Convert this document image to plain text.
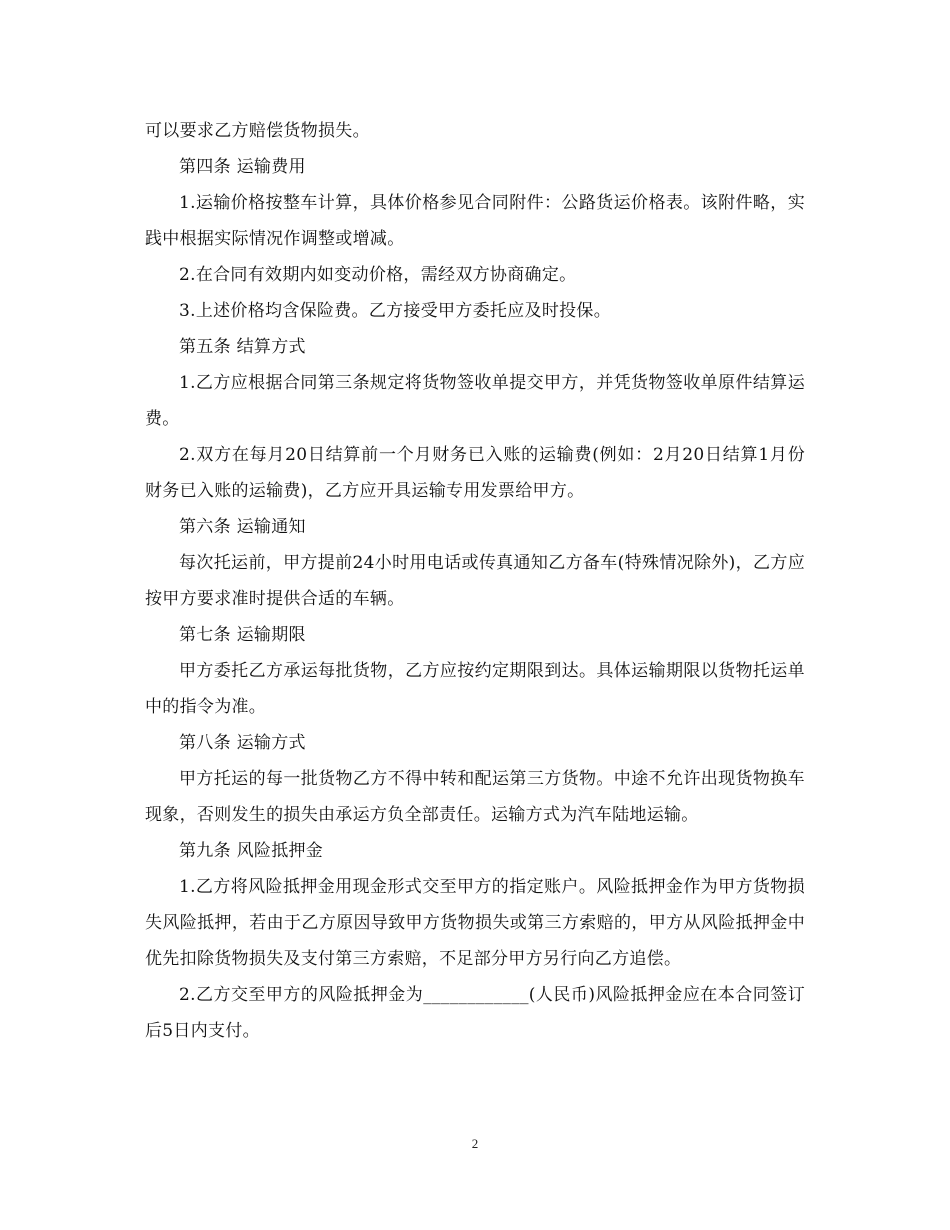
可以要求乙方赔偿货物损失。

第四条 运输费用

1.运输价格按整车计算，具体价格参见合同附件：公路货运价格表。该附件略，实践中根据实际情况作调整或增减。

2.在合同有效期内如变动价格，需经双方协商确定。

3.上述价格均含保险费。乙方接受甲方委托应及时投保。

第五条 结算方式

1.乙方应根据合同第三条规定将货物签收单提交甲方，并凭货物签收单原件结算运费。

2.双方在每月20日结算前一个月财务已入账的运输费(例如：2月20日结算1月份财务已入账的运输费)，乙方应开具运输专用发票给甲方。

第六条 运输通知

每次托运前，甲方提前24小时用电话或传真通知乙方备车(特殊情况除外)，乙方应按甲方要求准时提供合适的车辆。

第七条 运输期限

甲方委托乙方承运每批货物，乙方应按约定期限到达。具体运输期限以货物托运单中的指令为准。

第八条 运输方式

甲方托运的每一批货物乙方不得中转和配运第三方货物。中途不允许出现货物换车现象，否则发生的损失由承运方负全部责任。运输方式为汽车陆地运输。

第九条 风险抵押金

1.乙方将风险抵押金用现金形式交至甲方的指定账户。风险抵押金作为甲方货物损失风险抵押，若由于乙方原因导致甲方货物损失或第三方索赔的，甲方从风险抵押金中优先扣除货物损失及支付第三方索赔，不足部分甲方另行向乙方追偿。

2.乙方交至甲方的风险抵押金为____________(人民币)风险抵押金应在本合同签订后5日内支付。

2
